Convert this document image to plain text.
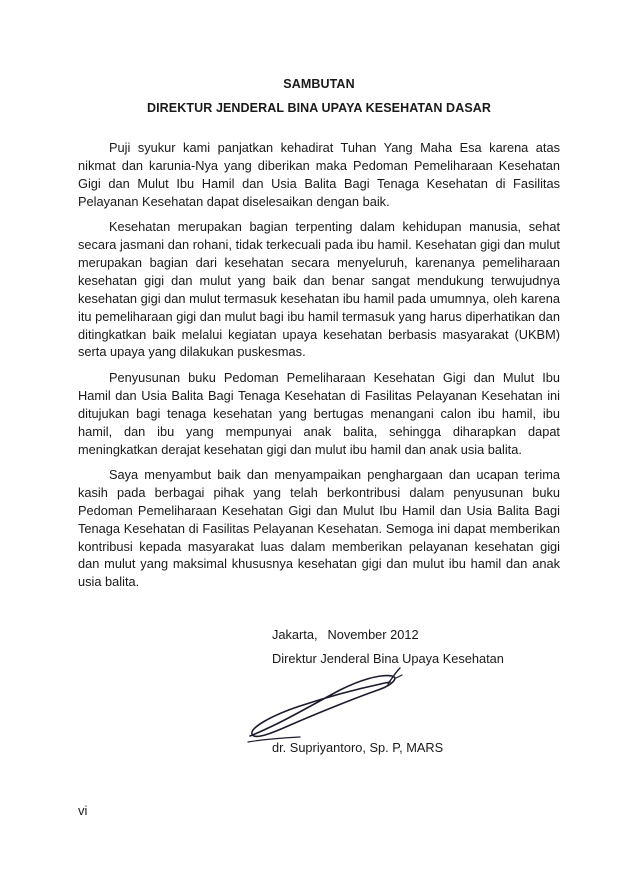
SAMBUTAN
DIREKTUR JENDERAL BINA UPAYA KESEHATAN DASAR

Puji syukur kami panjatkan kehadirat Tuhan Yang Maha Esa karena atas nikmat dan karunia-Nya yang diberikan maka Pedoman Pemeliharaan Kesehatan Gigi dan Mulut Ibu Hamil dan Usia Balita Bagi Tenaga Kesehatan di Fasilitas Pelayanan Kesehatan dapat diselesaikan dengan baik.

Kesehatan merupakan bagian terpenting dalam kehidupan manusia, sehat secara jasmani dan rohani, tidak terkecuali pada ibu hamil. Kesehatan gigi dan mulut merupakan bagian dari kesehatan secara menyeluruh, karenanya pemeliharaan kesehatan gigi dan mulut yang baik dan benar sangat mendukung terwujudnya kesehatan gigi dan mulut termasuk kesehatan ibu hamil pada umumnya, oleh karena itu pemeliharaan gigi dan mulut bagi ibu hamil termasuk yang harus diperhatikan dan ditingkatkan baik melalui kegiatan upaya kesehatan berbasis masyarakat (UKBM) serta upaya yang dilakukan puskesmas.

Penyusunan buku Pedoman Pemeliharaan Kesehatan Gigi dan Mulut Ibu Hamil dan Usia Balita Bagi Tenaga Kesehatan di Fasilitas Pelayanan Kesehatan ini ditujukan bagi tenaga kesehatan yang bertugas menangani calon ibu hamil, ibu hamil, dan ibu yang mempunyai anak balita, sehingga diharapkan dapat meningkatkan derajat kesehatan gigi dan mulut ibu hamil dan anak usia balita.

Saya menyambut baik dan menyampaikan penghargaan dan ucapan terima kasih pada berbagai pihak yang telah berkontribusi dalam penyusunan buku Pedoman Pemeliharaan Kesehatan Gigi dan Mulut Ibu Hamil dan Usia Balita Bagi Tenaga Kesehatan di Fasilitas Pelayanan Kesehatan. Semoga ini dapat memberikan kontribusi kepada masyarakat luas dalam memberikan pelayanan kesehatan gigi dan mulut yang maksimal khususnya kesehatan gigi dan mulut ibu hamil dan anak usia balita.

Jakarta, November 2012
Direktur Jenderal Bina Upaya Kesehatan
dr. Supriyantoro, Sp. P, MARS
vi
